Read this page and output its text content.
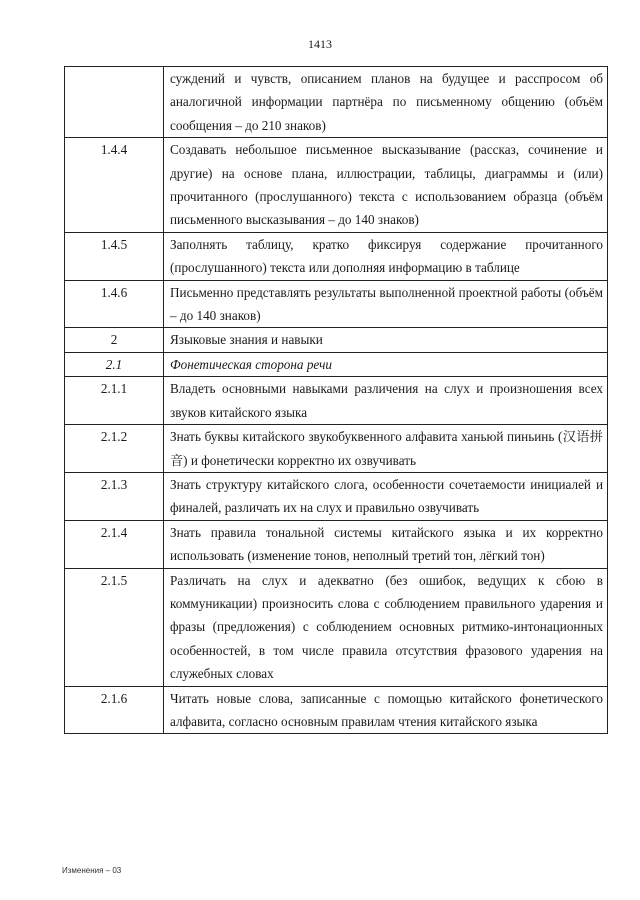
1413
	суждений и чувств, описанием планов на будущее и расспросом об аналогичной информации партнёра по письменному общению (объём сообщения – до 210 знаков)
1.4.4	Создавать небольшое письменное высказывание (рассказ, сочинение и другие) на основе плана, иллюстрации, таблицы, диаграммы и (или) прочитанного (прослушанного) текста с использованием образца (объём письменного высказывания – до 140 знаков)
1.4.5	Заполнять таблицу, кратко фиксируя содержание прочитанного (прослушанного) текста или дополняя информацию в таблице
1.4.6	Письменно представлять результаты выполненной проектной работы (объём – до 140 знаков)
2	Языковые знания и навыки
2.1	Фонетическая сторона речи
2.1.1	Владеть основными навыками различения на слух и произношения всех звуков китайского языка
2.1.2	Знать буквы китайского звукобуквенного алфавита ханьюй пиньинь (汉语拼音) и фонетически корректно их озвучивать
2.1.3	Знать структуру китайского слога, особенности сочетаемости инициалей и финалей, различать их на слух и правильно озвучивать
2.1.4	Знать правила тональной системы китайского языка и их корректно использовать (изменение тонов, неполный третий тон, лёгкий тон)
2.1.5	Различать на слух и адекватно (без ошибок, ведущих к сбою в коммуникации) произносить слова с соблюдением правильного ударения и фразы (предложения) с соблюдением основных ритмико-интонационных особенностей, в том числе правила отсутствия фразового ударения на служебных словах
2.1.6	Читать новые слова, записанные с помощью китайского фонетического алфавита, согласно основным правилам чтения китайского языка
Изменения – 03
